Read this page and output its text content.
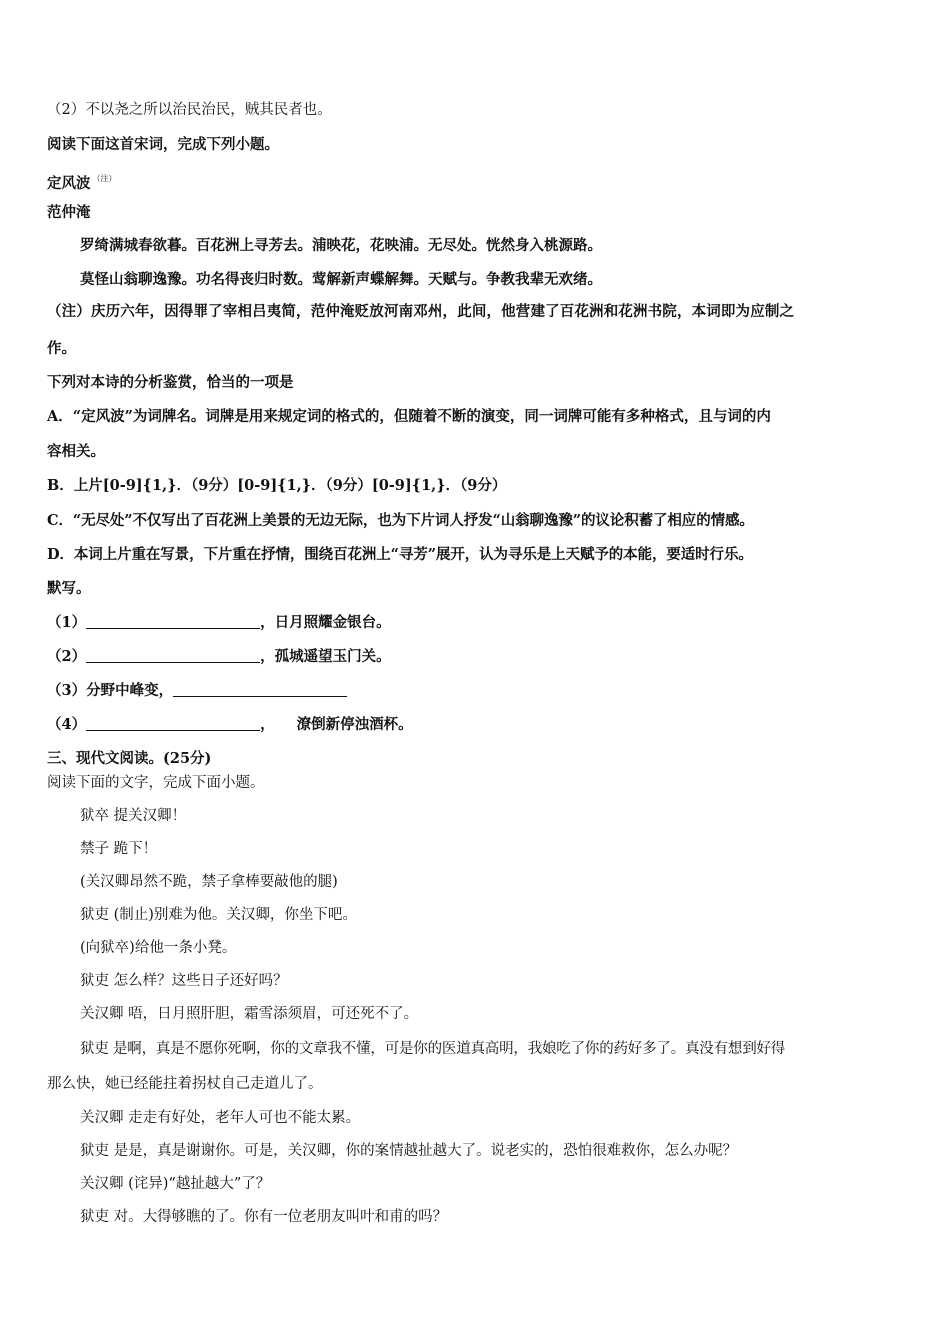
（2）不以尧之所以治民治民，贼其民者也。
阅读下面这首宋词，完成下列小题。
定风波 $^{(注)}$
范仲淹
罗绮满城春欲暮。百花洲上寻芳去。浦映花，花映浦。无尽处。恍然身入桃源路。
莫怪山翁聊逸豫。功名得丧归时数。莺解新声蝶解舞。天赋与。争教我辈无欢绪。
（注）庆历六年，因得罪了宰相吕夷简，范仲淹贬放河南邓州，此间，他营建了百花洲和花洲书院，本词即为应制之
作。
下列对本诗的分析鉴赏，恰当的一项是
A．“定风波”为词牌名。词牌是用来规定词的格式的，但随着不断的演变，同一词牌可能有多种格式，且与词的内
容相关。
B．上片[0-9]{1,}．（9分）[0-9]{1,}．（9分）[0-9]{1,}．（9分）
C．“无尽处”不仅写出了百花洲上美景的无边无际，也为下片词人抒发“山翁聊逸豫”的议论积蓄了相应的情感。
D．本词上片重在写景，下片重在抒情，围绕百花洲上“寻芳”展开，认为寻乐是上天赋予的本能，要适时行乐。
默写。
（1）	，日月照耀金银台。
（2）	，孤城遥望玉门关。
（3）分野中峰变，
（4）	， 潦倒新停浊酒杯。
三、现代文阅读。(25分)
阅读下面的文字，完成下面小题。
狱卒 提关汉卿！
禁子 跪下！
(关汉卿昂然不跪，禁子拿棒要敲他的腿)
狱吏 (制止)别难为他。关汉卿，你坐下吧。
(向狱卒)给他一条小凳。
狱吏 怎么样？这些日子还好吗？
关汉卿 唔，日月照肝胆，霜雪添须眉，可还死不了。
狱吏 是啊，真是不愿你死啊，你的文章我不懂，可是你的医道真高明，我娘吃了你的药好多了。真没有想到好得
那么快，她已经能拄着拐杖自己走道儿了。
关汉卿 走走有好处，老年人可也不能太累。
狱吏 是是，真是谢谢你。可是，关汉卿，你的案情越扯越大了。说老实的，恐怕很难救你，怎么办呢？
关汉卿 (诧异)“越扯越大”了？
狱吏 对。大得够瞧的了。你有一位老朋友叫叶和甫的吗？
